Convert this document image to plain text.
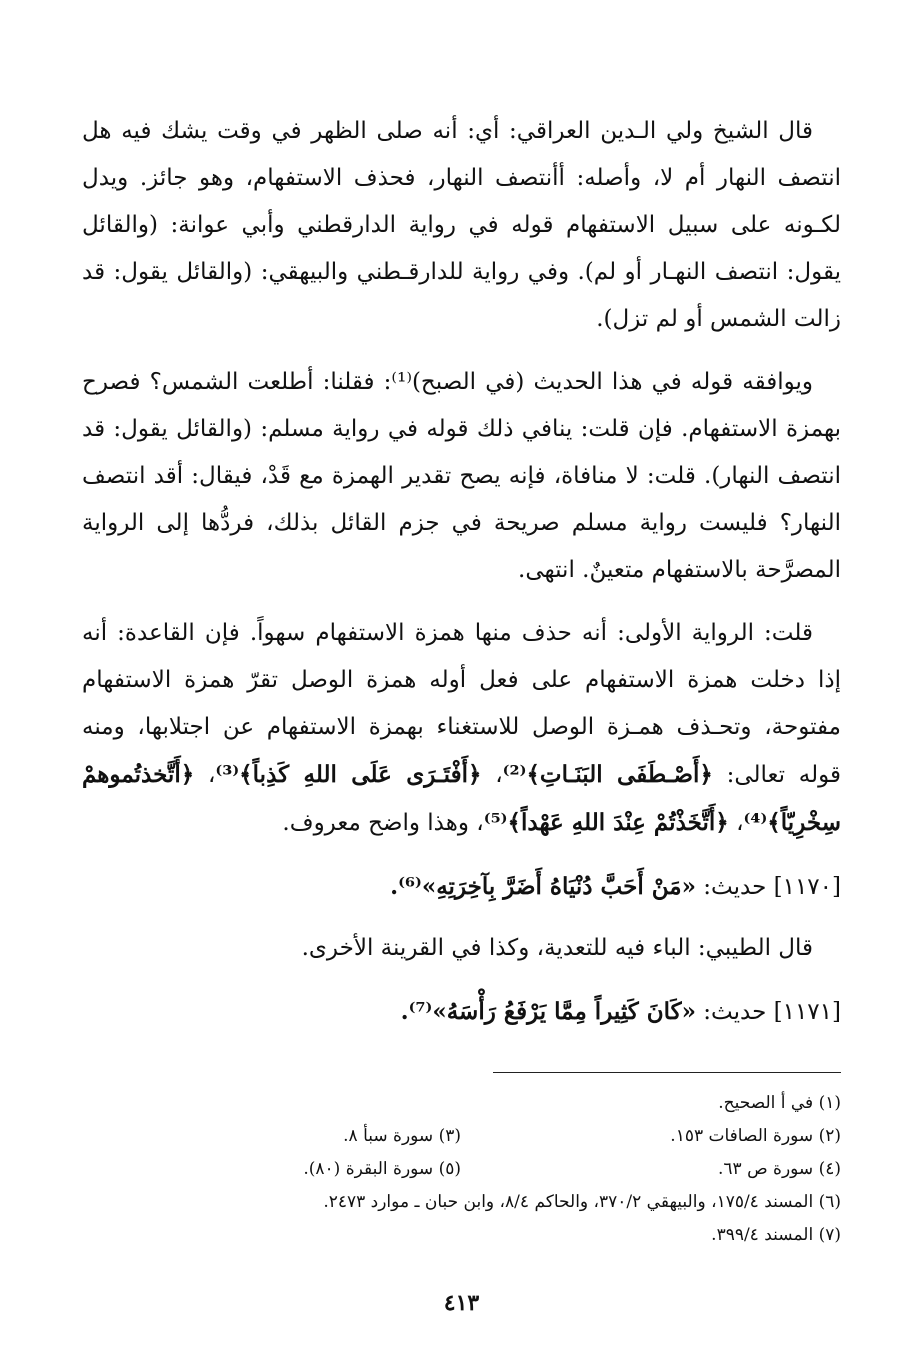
قال الشيخ ولي الـدين العراقي: أي: أنه صلى الظهر في وقت يشك فيه هل انتصف النهار أم لا، وأصله: أأنتصف النهار، فحذف الاستفهام، وهو جائز. ويدل لكـونه على سبيل الاستفهام قوله في رواية الدارقطني وأبي عوانة: (والقائل يقول: انتصف النهـار أو لم). وفي رواية للدارقـطني والبيهقي: (والقائل يقول: قد زالت الشمس أو لم تزل).

ويوافقه قوله في هذا الحديث (في الصبح)⁽¹⁾: فقلنا: أطلعت الشمس؟ فصرح بهمزة الاستفهام. فإن قلت: ينافي ذلك قوله في رواية مسلم: (والقائل يقول: قد انتصف النهار). قلت: لا منافاة، فإنه يصح تقدير الهمزة مع قَدْ، فيقال: أقد انتصف النهار؟ فليست رواية مسلم صريحة في جزم القائل بذلك، فردُّها إلى الرواية المصرَّحة بالاستفهام متعينٌ. انتهى.

قلت: الرواية الأولى: أنه حذف منها همزة الاستفهام سهواً. فإن القاعدة: أنه إذا دخلت همزة الاستفهام على فعل أوله همزة الوصل تقرّ همزة الاستفهام مفتوحة، وتحـذف همـزة الوصل للاستغناء بهمزة الاستفهام عن اجتلابها، ومنه قوله تعالى: ﴿أَصْـطَفَى البَنَـاتِ﴾⁽²⁾، ﴿أَفْتَـرَى عَلَى اللهِ كَذِباً﴾⁽³⁾، ﴿أَتَّخذتُموهمْ سِخْرِيّاً﴾⁽⁴⁾، ﴿أَتَّخَذْتُمْ عِنْدَ اللهِ عَهْداً﴾⁽⁵⁾، وهذا واضح معروف.

[١١٧٠] حديث: «مَنْ أَحَبَّ دُنْيَاهُ أَضَرَّ بِآخِرَتِهِ»⁽⁶⁾.

قال الطيبي: الباء فيه للتعدية، وكذا في القرينة الأخرى.

[١١٧١] حديث: «كَانَ كَثِيراً مِمَّا يَرْفَعُ رَأْسَهُ»⁽⁷⁾.
(١) في أ الصحيح.
(٢) سورة الصافات ١٥٣.
(٣) سورة سبأ ٨.
(٤) سورة ص ٦٣.
(٥) سورة البقرة (٨٠).
(٦) المسند ١٧٥/٤، والبيهقي ٣٧٠/٢، والحاكم ٨/٤، وابن حبان ـ موارد ٢٤٧٣.
(٧) المسند ٣٩٩/٤.
٤١٣
